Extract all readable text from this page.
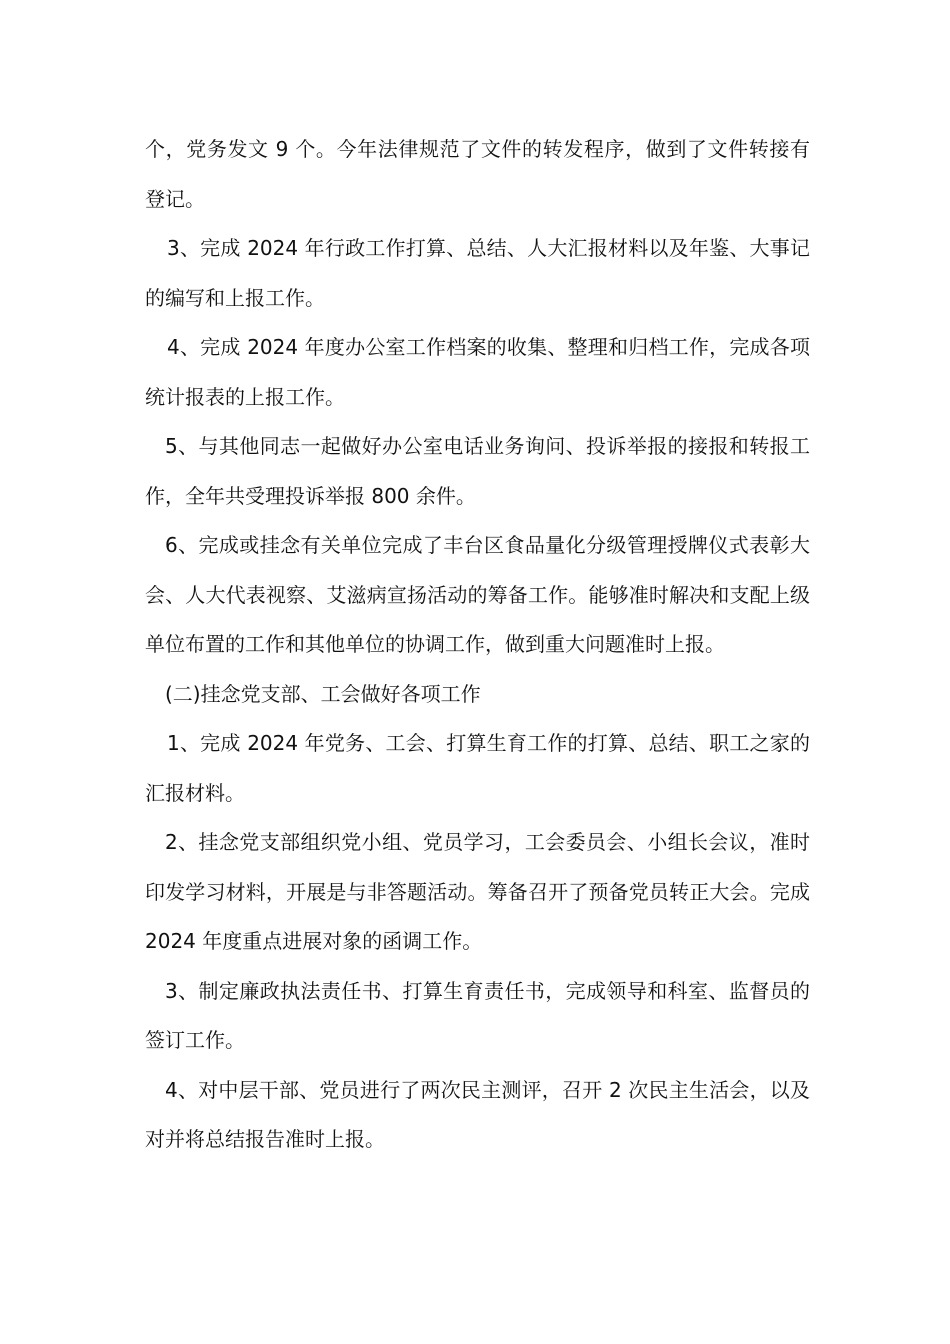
个，党务发文 9 个。今年法律规范了文件的转发程序，做到了文件转接有登记。

3、完成 2024 年行政工作打算、总结、人大汇报材料以及年鉴、大事记的编写和上报工作。

4、完成 2024 年度办公室工作档案的收集、整理和归档工作，完成各项统计报表的上报工作。

5、与其他同志一起做好办公室电话业务询问、投诉举报的接报和转报工作，全年共受理投诉举报 800 余件。

6、完成或挂念有关单位完成了丰台区食品量化分级管理授牌仪式表彰大会、人大代表视察、艾滋病宣扬活动的筹备工作。能够准时解决和支配上级单位布置的工作和其他单位的协调工作，做到重大问题准时上报。

(二)挂念党支部、工会做好各项工作

1、完成 2024 年党务、工会、打算生育工作的打算、总结、职工之家的汇报材料。

2、挂念党支部组织党小组、党员学习，工会委员会、小组长会议，准时印发学习材料，开展是与非答题活动。筹备召开了预备党员转正大会。完成 2024 年度重点进展对象的函调工作。

3、制定廉政执法责任书、打算生育责任书，完成领导和科室、监督员的签订工作。

4、对中层干部、党员进行了两次民主测评，召开 2 次民主生活会，以及对并将总结报告准时上报。
